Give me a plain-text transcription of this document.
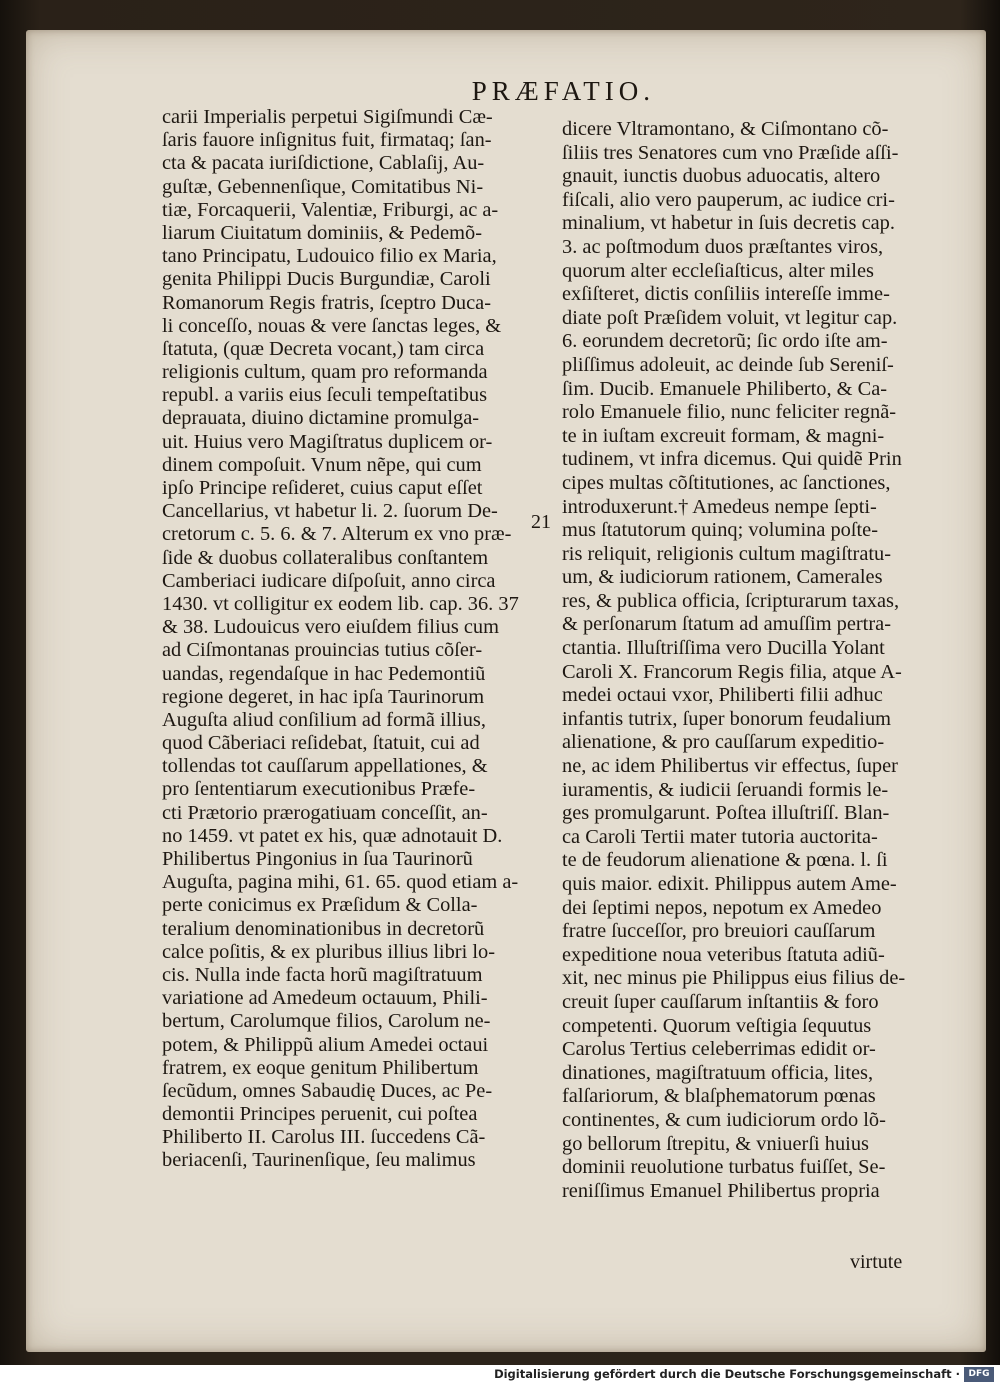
PRÆFATIO.
carii Imperialis perpetui Sigiſmundi Cæ-
ſaris fauore inſignitus fuit, firmataq; ſan-
cta & pacata iuriſdictione, Cablaſij, Au-
guſtæ, Gebennenſique, Comitatibus Ni-
tiæ, Forcaquerii, Valentiæ, Friburgi, ac a-
liarum Ciuitatum dominiis, & Pedemõ-
tano Principatu, Ludouico filio ex Maria,
genita Philippi Ducis Burgundiæ, Caroli
Romanorum Regis fratris, ſceptro Duca-
li conceſſo, nouas & vere ſanctas leges, &
ſtatuta, (quæ Decreta vocant,) tam circa
religionis cultum, quam pro reformanda
republ. a variis eius ſeculi tempeſtatibus
deprauata, diuino dictamine promulga-
uit. Huius vero Magiſtratus duplicem or-
dinem compoſuit. Vnum nẽpe, qui cum
ipſo Principe reſideret, cuius caput eſſet
Cancellarius, vt habetur li. 2. ſuorum De-
cretorum c. 5. 6. & 7. Alterum ex vno præ-
ſide & duobus collateralibus conſtantem
Camberiaci iudicare diſpoſuit, anno circa
1430. vt colligitur ex eodem lib. cap. 36. 37
& 38. Ludouicus vero eiuſdem filius cum
ad Ciſmontanas prouincias tutius cõſer-
uandas, regendaſque in hac Pedemontiũ
regione degeret, in hac ipſa Taurinorum
Auguſta aliud conſilium ad formã illius,
quod Cãberiaci reſidebat, ſtatuit, cui ad
tollendas tot cauſſarum appellationes, &
pro ſententiarum executionibus Præfe-
cti Prætorio prærogatiuam conceſſit, an-
no 1459. vt patet ex his, quæ adnotauit D.
Philibertus Pingonius in ſua Taurinorũ
Auguſta, pagina mihi, 61. 65. quod etiam a-
perte conicimus ex Præſidum & Colla-
teralium denominationibus in decretorũ
calce poſitis, & ex pluribus illius libri lo-
cis. Nulla inde facta horũ magiſtratuum
variatione ad Amedeum octauum, Phili-
bertum, Carolumque filios, Carolum ne-
potem, & Philippũ alium Amedei octaui
fratrem, ex eoque genitum Philibertum
ſecũdum, omnes Sabaudię Duces, ac Pe-
demontii Principes peruenit, cui poſtea
Philiberto II. Carolus III. ſuccedens Cã-
beriacenſi, Taurinenſique, ſeu malimus
dicere Vltramontano, & Ciſmontano cõ-
ſiliis tres Senatores cum vno Præſide aſſi-
gnauit, iunctis duobus aduocatis, altero
fiſcali, alio vero pauperum, ac iudice cri-
minalium, vt habetur in ſuis decretis cap.
3. ac poſtmodum duos præſtantes viros,
quorum alter eccleſiaſticus, alter miles
exſiſteret, dictis conſiliis intereſſe imme-
diate poſt Præſidem voluit, vt legitur cap.
6. eorundem decretorũ; ſic ordo iſte am-
pliſſimus adoleuit, ac deinde ſub Sereniſ-
ſim. Ducib. Emanuele Philiberto, & Ca-
rolo Emanuele filio, nunc feliciter regnã-
te in iuſtam excreuit formam, & magni-
tudinem, vt infra dicemus. Qui quidẽ Prin
cipes multas cõſtitutiones, ac ſanctiones,
introduxerunt.† Amedeus nempe ſepti-
mus ſtatutorum quinq; volumina poſte-
ris reliquit, religionis cultum magiſtratu-
um, & iudiciorum rationem, Camerales
res, & publica officia, ſcripturarum taxas,
& perſonarum ſtatum ad amuſſim pertra-
ctantia. Illuſtriſſima vero Ducilla Yolant
Caroli X. Francorum Regis filia, atque A-
medei octaui vxor, Philiberti filii adhuc
infantis tutrix, ſuper bonorum feudalium
alienatione, & pro cauſſarum expeditio-
ne, ac idem Philibertus vir effectus, ſuper
iuramentis, & iudicii ſeruandi formis le-
ges promulgarunt. Poſtea illuſtriſſ. Blan-
ca Caroli Tertii mater tutoria auctorita-
te de feudorum alienatione & pœna. l. ſi
quis maior. edixit. Philippus autem Ame-
dei ſeptimi nepos, nepotum ex Amedeo
fratre ſucceſſor, pro breuiori cauſſarum
expeditione noua veteribus ſtatuta adiũ-
xit, nec minus pie Philippus eius filius de-
creuit ſuper cauſſarum inſtantiis & foro
competenti. Quorum veſtigia ſequutus
Carolus Tertius celeberrimas edidit or-
dinationes, magiſtratuum officia, lites,
falſariorum, & blaſphematorum pœnas
continentes, & cum iudiciorum ordo lõ-
go bellorum ſtrepitu, & vniuerſi huius
dominii reuolutione turbatus fuiſſet, Se-
reniſſimus Emanuel Philibertus propria
21
virtute
Digitalisierung gefördert durch die Deutsche Forschungsgemeinschaft · DFG
